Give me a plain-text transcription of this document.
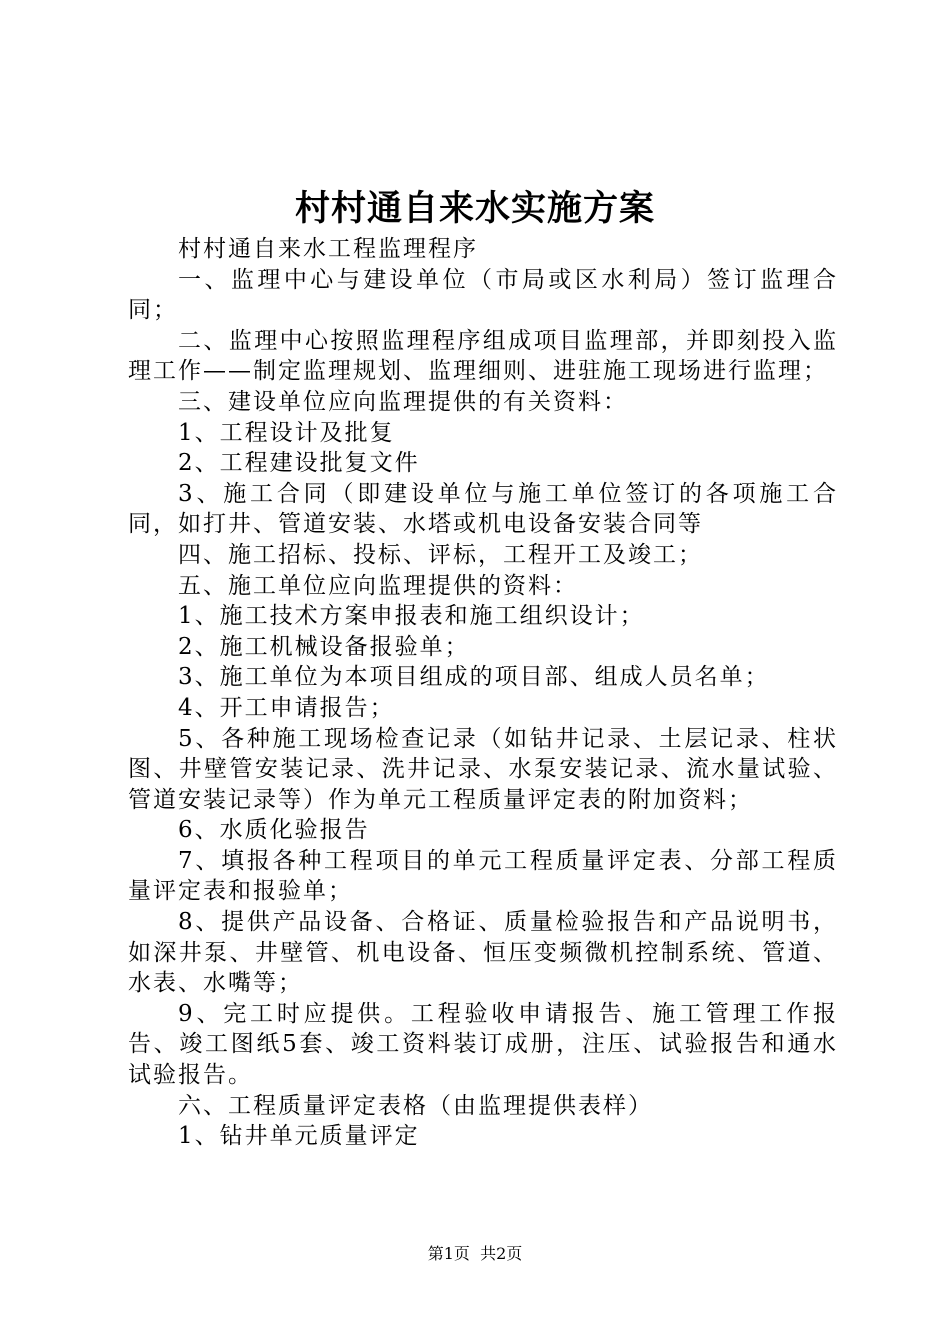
村村通自来水实施方案

村村通自来水工程监理程序

一、监理中心与建设单位（市局或区水利局）签订监理合同；

二、监理中心按照监理程序组成项目监理部，并即刻投入监理工作——制定监理规划、监理细则、进驻施工现场进行监理；

三、建设单位应向监理提供的有关资料：

1、工程设计及批复

2、工程建设批复文件

3、施工合同（即建设单位与施工单位签订的各项施工合同，如打井、管道安装、水塔或机电设备安装合同等

四、施工招标、投标、评标，工程开工及竣工；

五、施工单位应向监理提供的资料：

1、施工技术方案申报表和施工组织设计；

2、施工机械设备报验单；

3、施工单位为本项目组成的项目部、组成人员名单；

4、开工申请报告；

5、各种施工现场检查记录（如钻井记录、土层记录、柱状图、井壁管安装记录、洗井记录、水泵安装记录、流水量试验、管道安装记录等）作为单元工程质量评定表的附加资料；

6、水质化验报告

7、填报各种工程项目的单元工程质量评定表、分部工程质量评定表和报验单；

8、提供产品设备、合格证、质量检验报告和产品说明书，如深井泵、井壁管、机电设备、恒压变频微机控制系统、管道、水表、水嘴等；

9、完工时应提供。工程验收申请报告、施工管理工作报告、竣工图纸5套、竣工资料装订成册，注压、试验报告和通水试验报告。

六、工程质量评定表格（由监理提供表样）

1、钻井单元质量评定

第1页  共2页
